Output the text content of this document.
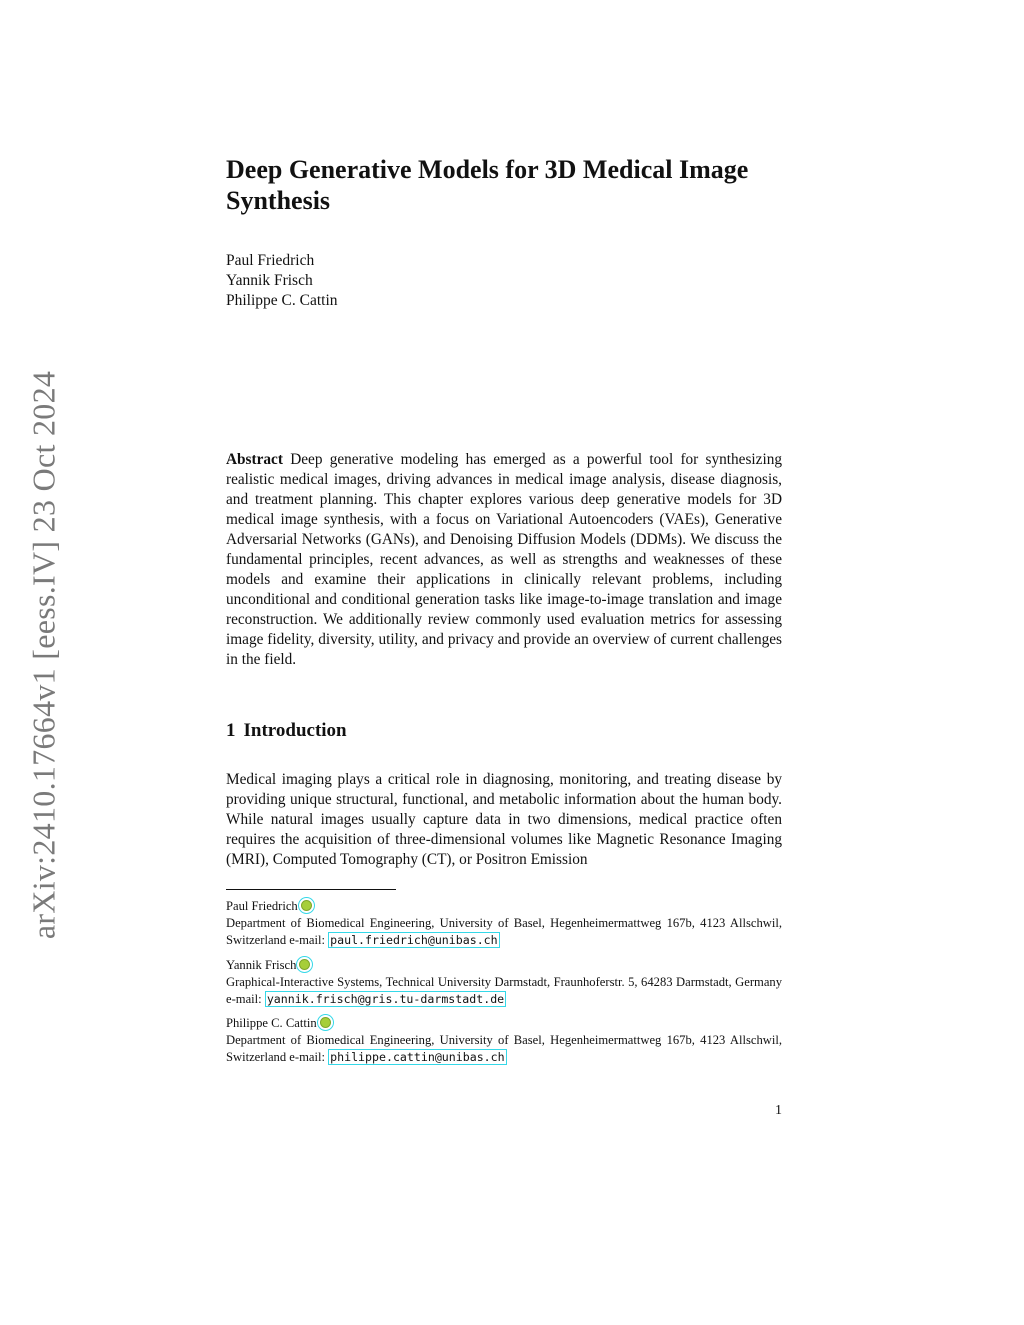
arXiv:2410.17664v1 [eess.IV] 23 Oct 2024
Deep Generative Models for 3D Medical Image Synthesis
Paul Friedrich
Yannik Frisch
Philippe C. Cattin

Abstract Deep generative modeling has emerged as a powerful tool for synthesizing realistic medical images, driving advances in medical image analysis, disease diagnosis, and treatment planning. This chapter explores various deep generative models for 3D medical image synthesis, with a focus on Variational Autoencoders (VAEs), Generative Adversarial Networks (GANs), and Denoising Diffusion Models (DDMs). We discuss the fundamental principles, recent advances, as well as strengths and weaknesses of these models and examine their applications in clinically relevant problems, including unconditional and conditional generation tasks like image-to-image translation and image reconstruction. We additionally review commonly used evaluation metrics for assessing image fidelity, diversity, utility, and privacy and provide an overview of current challenges in the field.

1 Introduction

Medical imaging plays a critical role in diagnosing, monitoring, and treating disease by providing unique structural, functional, and metabolic information about the human body. While natural images usually capture data in two dimensions, medical practice often requires the acquisition of three-dimensional volumes like Magnetic Resonance Imaging (MRI), Computed Tomography (CT), or Positron Emission

Paul Friedrich
Department of Biomedical Engineering, University of Basel, Hegenheimermattweg 167b, 4123 Allschwil, Switzerland e-mail: paul.friedrich@unibas.ch
Yannik Frisch
Graphical-Interactive Systems, Technical University Darmstadt, Fraunhoferstr. 5, 64283 Darmstadt, Germany e-mail: yannik.frisch@gris.tu-darmstadt.de
Philippe C. Cattin
Department of Biomedical Engineering, University of Basel, Hegenheimermattweg 167b, 4123 Allschwil, Switzerland e-mail: philippe.cattin@unibas.ch
1
